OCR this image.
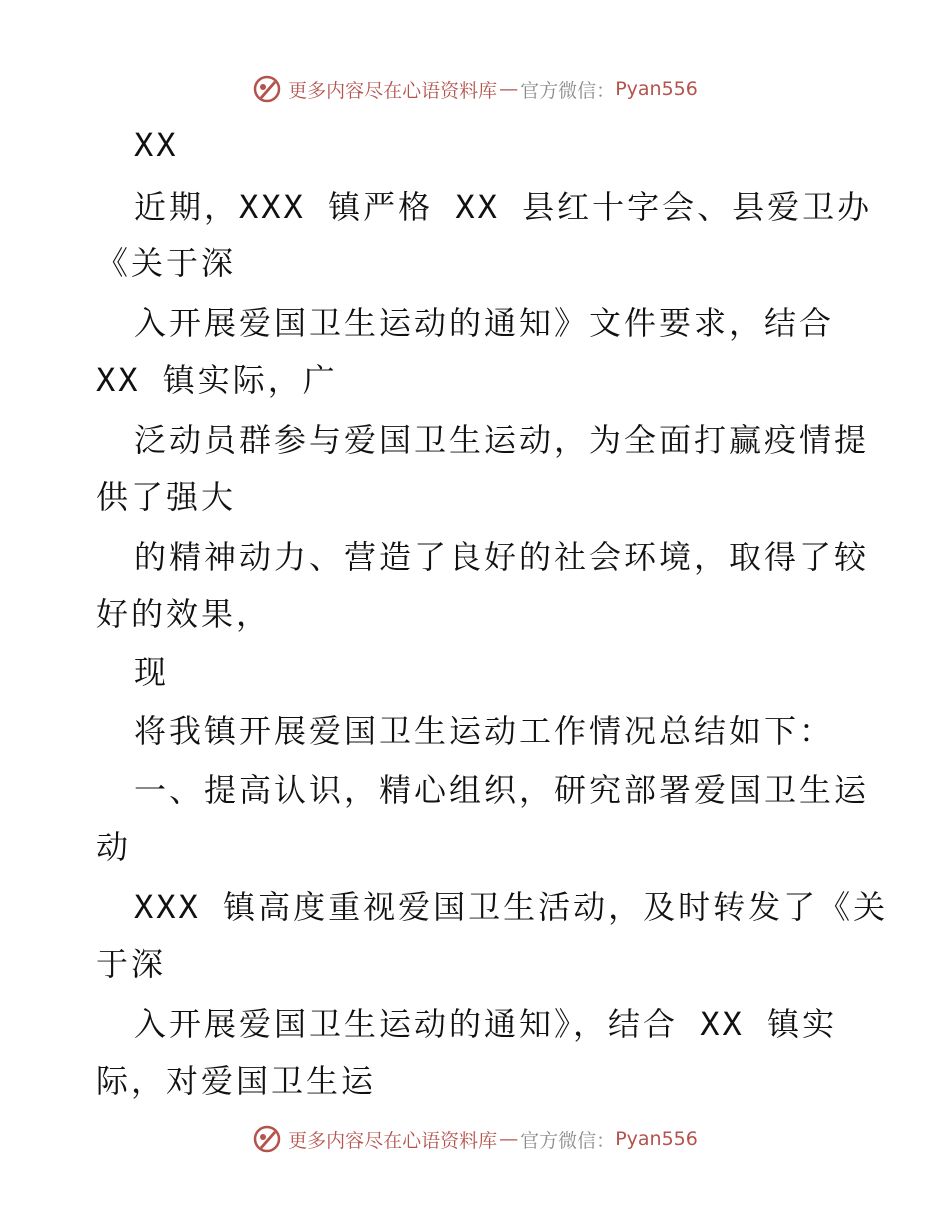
更多内容尽在心语资料库 — 官方微信： Pyan556
XX
近期，XXX 镇严格 XX 县红十字会、县爱卫办
《关于深
入开展爱国卫生运动的通知》文件要求，结合
XX 镇实际，广
泛动员群参与爱国卫生运动，为全面打赢疫情提
供了强大
的精神动力、营造了良好的社会环境，取得了较
好的效果，
现
将我镇开展爱国卫生运动工作情况总结如下：
一、提高认识，精心组织，研究部署爱国卫生运
动
XXX 镇高度重视爱国卫生活动，及时转发了《关
于深
入开展爱国卫生运动的通知》，结合 XX 镇实
际，对爱国卫生运
更多内容尽在心语资料库 — 官方微信： Pyan556
